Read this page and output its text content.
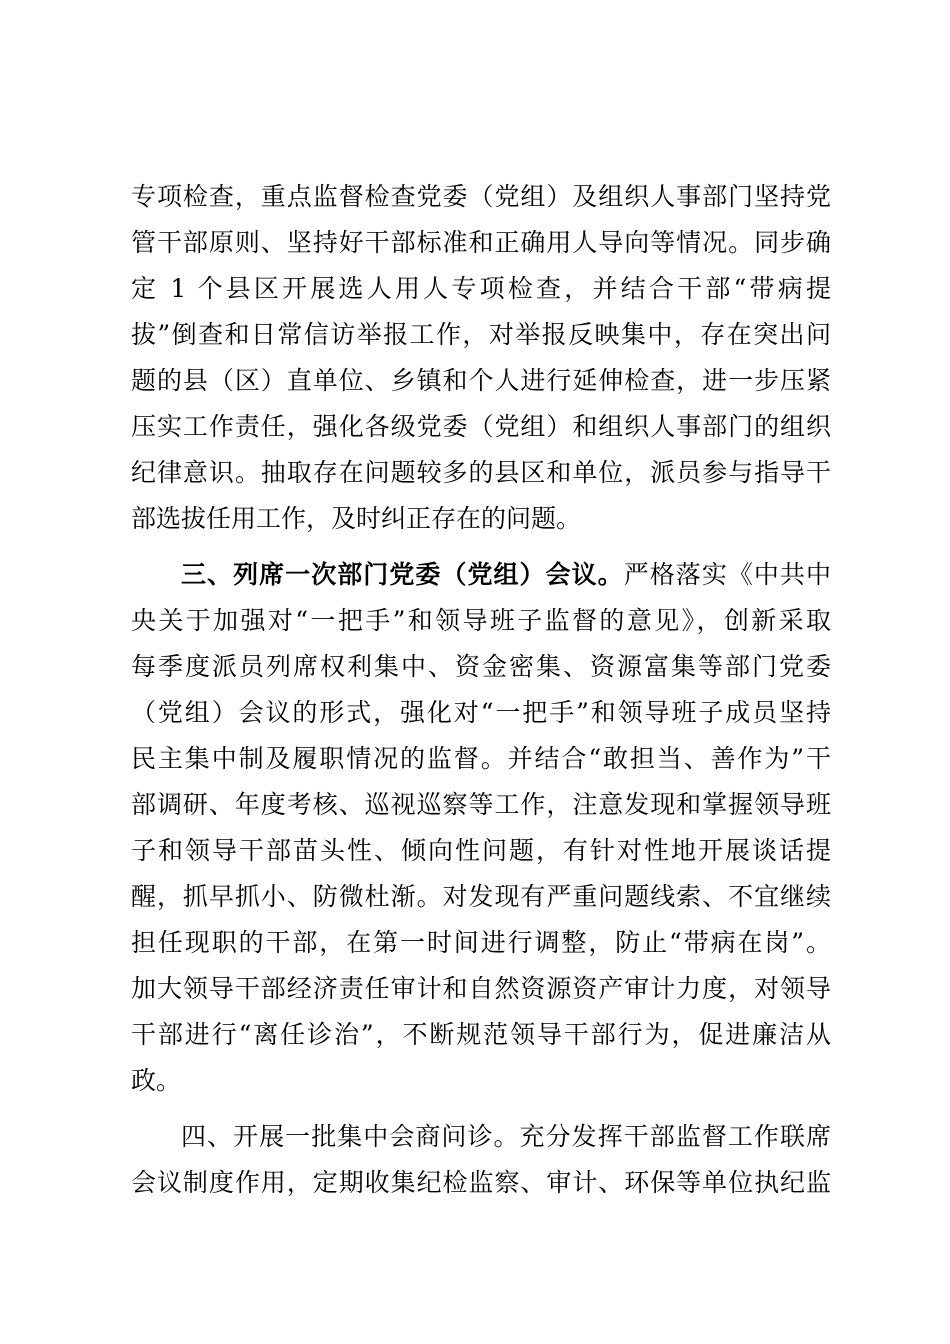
专项检查，重点监督检查党委（党组）及组织人事部门坚持党
管干部原则、坚持好干部标准和正确用人导向等情况。同步确
定 1 个县区开展选人用人专项检查，并结合干部“带病提
拔”倒查和日常信访举报工作，对举报反映集中，存在突出问
题的县（区）直单位、乡镇和个人进行延伸检查，进一步压紧
压实工作责任，强化各级党委（党组）和组织人事部门的组织
纪律意识。抽取存在问题较多的县区和单位，派员参与指导干
部选拔任用工作，及时纠正存在的问题。
三、列席一次部门党委（党组）会议。严格落实《中共中
央关于加强对“一把手”和领导班子监督的意见》，创新采取
每季度派员列席权利集中、资金密集、资源富集等部门党委
（党组）会议的形式，强化对“一把手”和领导班子成员坚持
民主集中制及履职情况的监督。并结合“敢担当、善作为”干
部调研、年度考核、巡视巡察等工作，注意发现和掌握领导班
子和领导干部苗头性、倾向性问题，有针对性地开展谈话提
醒，抓早抓小、防微杜渐。对发现有严重问题线索、不宜继续
担任现职的干部，在第一时间进行调整，防止“带病在岗”。
加大领导干部经济责任审计和自然资源资产审计力度，对领导
干部进行“离任诊治”，不断规范领导干部行为，促进廉洁从
政。
四、开展一批集中会商问诊。充分发挥干部监督工作联席
会议制度作用，定期收集纪检监察、审计、环保等单位执纪监
